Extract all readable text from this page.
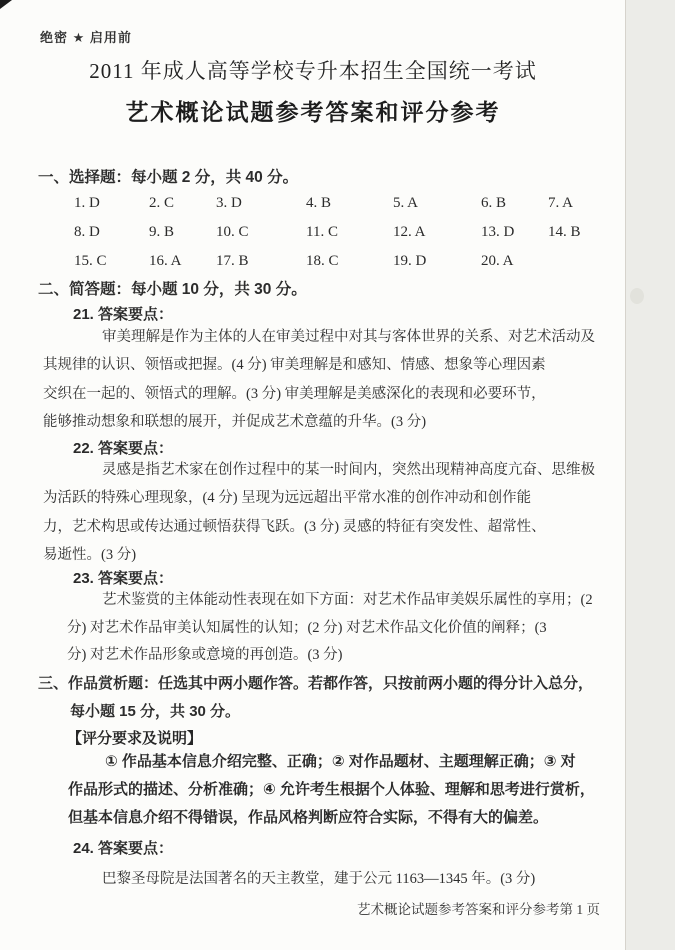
绝密 ★ 启用前
2011 年成人高等学校专升本招生全国统一考试
艺术概论试题参考答案和评分参考
一、选择题：每小题 2 分，共 40 分。
1. D	2. C	3. D	4. B	5. A	6. B	7. A
8. D	9. B	10. C	11. C	12. A	13. D	14. B
15. C	16. A	17. B	18. C	19. D	20. A
二、简答题：每小题 10 分，共 30 分。
21. 答案要点：
审美理解是作为主体的人在审美过程中对其与客体世界的关系、对艺术活动及
其规律的认识、领悟或把握。(4 分) 审美理解是和感知、情感、想象等心理因素
交织在一起的、领悟式的理解。(3 分) 审美理解是美感深化的表现和必要环节，
能够推动想象和联想的展开，并促成艺术意蕴的升华。(3 分)
22. 答案要点：
灵感是指艺术家在创作过程中的某一时间内，突然出现精神高度亢奋、思维极
为活跃的特殊心理现象，(4 分) 呈现为远远超出平常水准的创作冲动和创作能
力，艺术构思或传达通过顿悟获得飞跃。(3 分) 灵感的特征有突发性、超常性、
易逝性。(3 分)
23. 答案要点：
艺术鉴赏的主体能动性表现在如下方面：对艺术作品审美娱乐属性的享用；(2
分) 对艺术作品审美认知属性的认知；(2 分) 对艺术作品文化价值的阐释；(3
分) 对艺术作品形象或意境的再创造。(3 分)
三、作品赏析题：任选其中两小题作答。若都作答，只按前两小题的得分计入总分，
每小题 15 分，共 30 分。
【评分要求及说明】
① 作品基本信息介绍完整、正确；② 对作品题材、主题理解正确；③ 对
作品形式的描述、分析准确；④ 允许考生根据个人体验、理解和思考进行赏析，
但基本信息介绍不得错误，作品风格判断应符合实际，不得有大的偏差。
24. 答案要点：
巴黎圣母院是法国著名的天主教堂，建于公元 1163—1345 年。(3 分)
艺术概论试题参考答案和评分参考第 1 页
